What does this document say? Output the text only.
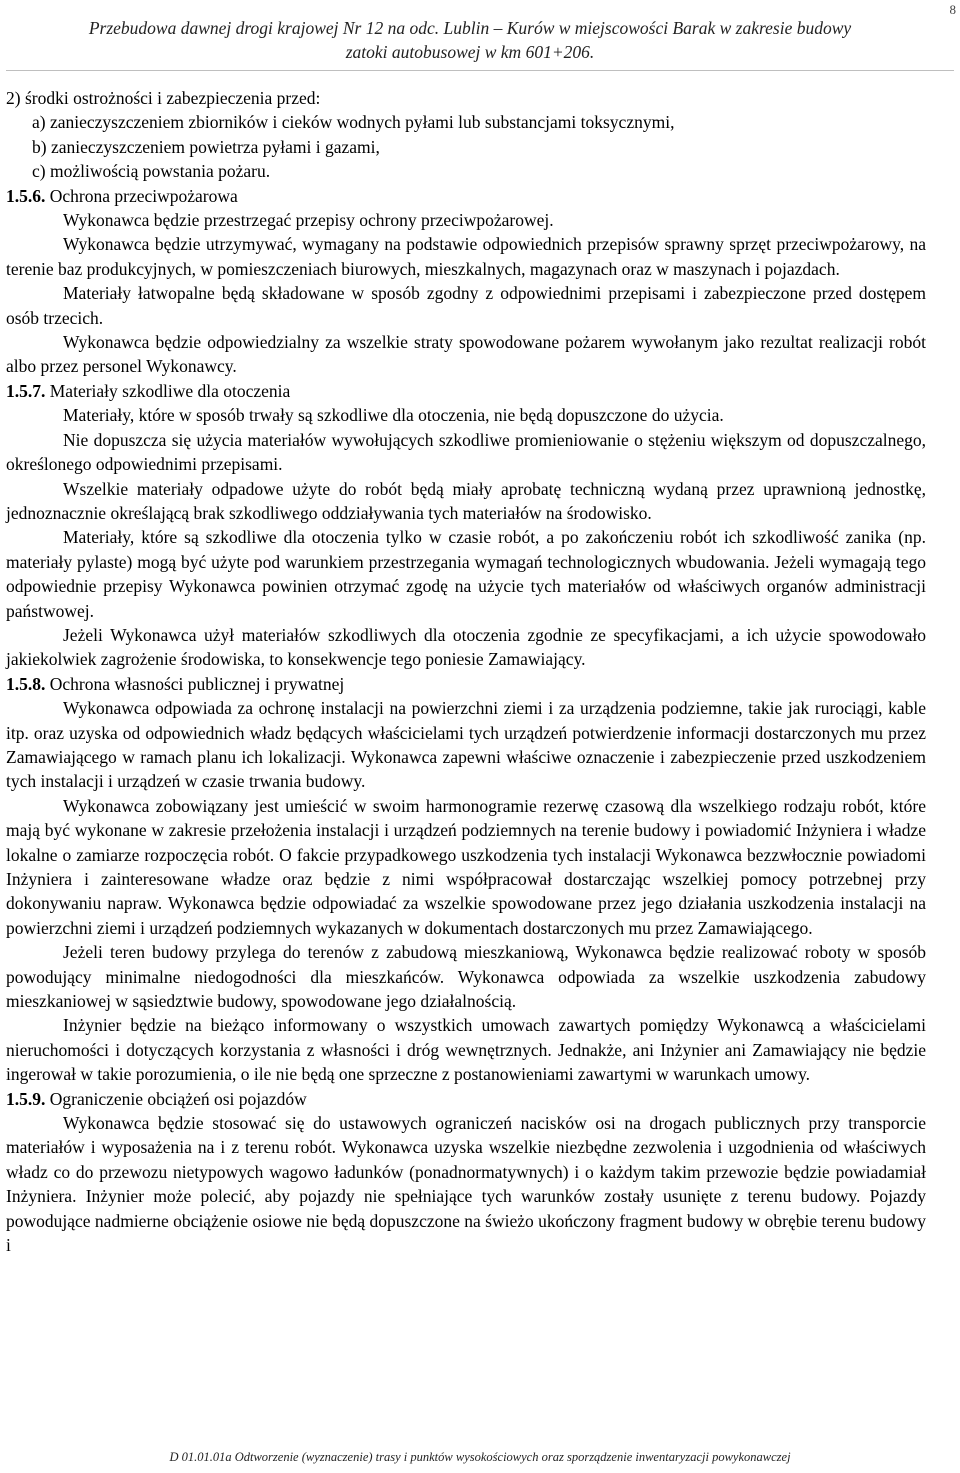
8
Przebudowa dawnej drogi krajowej Nr 12 na odc. Lublin – Kurów w miejscowości Barak w zakresie budowy
zatoki autobusowej w km 601+206.

2) środki ostrożności i zabezpieczenia przed:

a) zanieczyszczeniem zbiorników i cieków wodnych pyłami lub substancjami toksycznymi,

b) zanieczyszczeniem powietrza pyłami i gazami,

c) możliwością powstania pożaru.

1.5.6. Ochrona przeciwpożarowa

Wykonawca będzie przestrzegać przepisy ochrony przeciwpożarowej.

Wykonawca będzie utrzymywać, wymagany na podstawie odpowiednich przepisów sprawny sprzęt przeciwpożarowy, na terenie baz produkcyjnych, w pomieszczeniach biurowych, mieszkalnych, magazynach oraz w maszynach i pojazdach.

Materiały łatwopalne będą składowane w sposób zgodny z odpowiednimi przepisami i zabezpieczone przed dostępem osób trzecich.

Wykonawca będzie odpowiedzialny za wszelkie straty spowodowane pożarem wywołanym jako rezultat realizacji robót albo przez personel Wykonawcy.

1.5.7. Materiały szkodliwe dla otoczenia

Materiały, które w sposób trwały są szkodliwe dla otoczenia, nie będą dopuszczone do użycia.

Nie dopuszcza się użycia materiałów wywołujących szkodliwe promieniowanie o stężeniu większym od dopuszczalnego, określonego odpowiednimi przepisami.

Wszelkie materiały odpadowe użyte do robót będą miały aprobatę techniczną wydaną przez uprawnioną jednostkę, jednoznacznie określającą brak szkodliwego oddziaływania tych materiałów na środowisko.

Materiały, które są szkodliwe dla otoczenia tylko w czasie robót, a po zakończeniu robót ich szkodliwość zanika (np. materiały pylaste) mogą być użyte pod warunkiem przestrzegania wymagań technologicznych wbudowania. Jeżeli wymagają tego odpowiednie przepisy Wykonawca powinien otrzymać zgodę na użycie tych materiałów od właściwych organów administracji państwowej.

Jeżeli Wykonawca użył materiałów szkodliwych dla otoczenia zgodnie ze specyfikacjami, a ich użycie spowodowało jakiekolwiek zagrożenie środowiska, to konsekwencje tego poniesie Zamawiający.

1.5.8. Ochrona własności publicznej i prywatnej

Wykonawca odpowiada za ochronę instalacji na powierzchni ziemi i za urządzenia podziemne, takie jak rurociągi, kable itp. oraz uzyska od odpowiednich władz będących właścicielami tych urządzeń potwierdzenie informacji dostarczonych mu przez Zamawiającego w ramach planu ich lokalizacji. Wykonawca zapewni właściwe oznaczenie i zabezpieczenie przed uszkodzeniem tych instalacji i urządzeń w czasie trwania budowy.

Wykonawca zobowiązany jest umieścić w swoim harmonogramie rezerwę czasową dla wszelkiego rodzaju robót, które mają być wykonane w zakresie przełożenia instalacji i urządzeń podziemnych na terenie budowy i powiadomić Inżyniera i władze lokalne o zamiarze rozpoczęcia robót. O fakcie przypadkowego uszkodzenia tych instalacji Wykonawca bezzwłocznie powiadomi Inżyniera i zainteresowane władze oraz będzie z nimi współpracował dostarczając wszelkiej pomocy potrzebnej przy dokonywaniu napraw. Wykonawca będzie odpowiadać za wszelkie spowodowane przez jego działania uszkodzenia instalacji na powierzchni ziemi i urządzeń podziemnych wykazanych w dokumentach dostarczonych mu przez Zamawiającego.

Jeżeli teren budowy przylega do terenów z zabudową mieszkaniową, Wykonawca będzie realizować roboty w sposób powodujący minimalne niedogodności dla mieszkańców. Wykonawca odpowiada za wszelkie uszkodzenia zabudowy mieszkaniowej w sąsiedztwie budowy, spowodowane jego działalnością.

Inżynier będzie na bieżąco informowany o wszystkich umowach zawartych pomiędzy Wykonawcą a właścicielami nieruchomości i dotyczących korzystania z własności i dróg wewnętrznych. Jednakże, ani Inżynier ani Zamawiający nie będzie ingerował w takie porozumienia, o ile nie będą one sprzeczne z postanowieniami zawartymi w warunkach umowy.

1.5.9. Ograniczenie obciążeń osi pojazdów

Wykonawca będzie stosować się do ustawowych ograniczeń nacisków osi na drogach publicznych przy transporcie materiałów i wyposażenia na i z terenu robót. Wykonawca uzyska wszelkie niezbędne zezwolenia i uzgodnienia od właściwych władz co do przewozu nietypowych wagowo ładunków (ponadnormatywnych) i o każdym takim przewozie będzie powiadamiał Inżyniera. Inżynier może polecić, aby pojazdy nie spełniające tych warunków zostały usunięte z terenu budowy. Pojazdy powodujące nadmierne obciążenie osiowe nie będą dopuszczone na świeżo ukończony fragment budowy w obrębie terenu budowy i

D 01.01.01a Odtworzenie (wyznaczenie) trasy i punktów wysokościowych oraz sporządzenie inwentaryzacji powykonawczej
